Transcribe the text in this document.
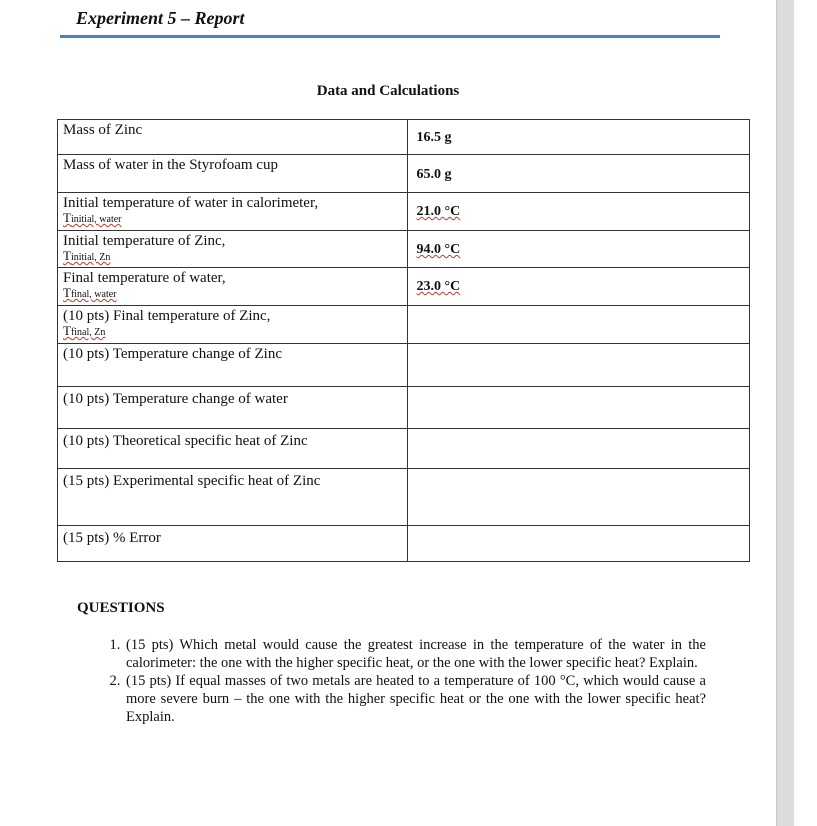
Experiment 5 – Report
Data and Calculations
Mass of Zinc	16.5 g

Mass of water in the Styrofoam cup	65.0 g

Initial temperature of water in calorimeter,
Tinitial, water	21.0 °C

Initial temperature of Zinc,
Tinitial, Zn	94.0 °C

Final temperature of water,
Tfinal, water	23.0 °C

(10 pts) Final temperature of Zinc,
Tfinal, Zn	

(10 pts) Temperature change of Zinc	

(10 pts) Temperature change of water	

(10 pts) Theoretical specific heat of Zinc	

(15 pts) Experimental specific heat of Zinc	

(15 pts) % Error	

QUESTIONS
1. (15 pts) Which metal would cause the greatest increase in the temperature of the water in the calorimeter: the one with the higher specific heat, or the one with the lower specific heat? Explain.
2. (15 pts) If equal masses of two metals are heated to a temperature of 100 °C, which would cause a more severe burn – the one with the higher specific heat or the one with the lower specific heat? Explain.
